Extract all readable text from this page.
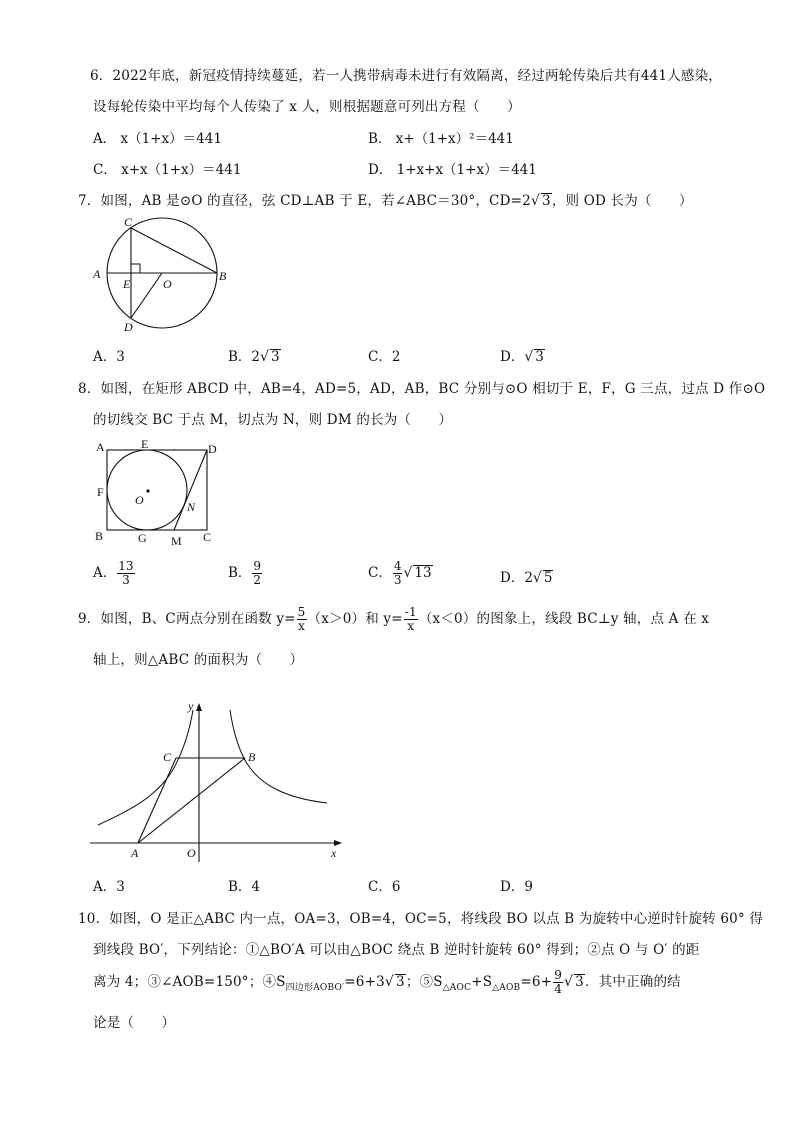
6．2022年底，新冠疫情持续蔓延，若一人携带病毒未进行有效隔离，经过两轮传染后共有441人感染，
设每轮传染中平均每个人传染了 x 人，则根据题意可列出方程（　　）
A． x（1+x）＝441	B． x+（1+x）²＝441
C． x+x（1+x）＝441	D． 1+x+x（1+x）＝441
7．如图，AB 是⊙O 的直径，弦 CD⊥AB 于 E，若∠ABC＝30°，CD=2√ 3，则 OD 长为（　　）
C
A
E	O
B
D
A．3	B．2√ 3	C．2	D．√ 3
8．如图，在矩形 ABCD 中，AB=4，AD=5，AD，AB，BC 分别与⊙O 相切于 E，F，G 三点，过点 D 作⊙O
的切线交 BC 于点 M，切点为 N，则 DM 的长为（　　）
A	E	D
F
O	N
B	G M C
A． $\frac{13}{3}$	B． $\frac{9}{2}$	C． $\frac{4}{3}$ √ 13	D．2√ 5
9．如图，B、C两点分别在函数 $y= \frac{5}{x} (x>0)$和 $y= \frac{-1}{x} (x<0)$的图象上，线段 BC⊥y 轴，点 A 在 x
轴上，则△ABC 的面积为（　　）
y
C	B
A	O	x
A．3	B．4	C．6	D．9
10．如图，O 是正△ABC 内一点，OA=3，OB=4，OC=5，将线段 BO 以点 B 为旋转中心逆时针旋转 60° 得
到线段 BO′，下列结论：①△BO′A 可以由△BOC 绕点 B 逆时针旋转 60° 得到；②点 O 与 O′ 的距
离为 4；③∠AOB=150°；$④S_{四边形AOBO'}=6+3√$ 3；$⑤S_{\triangle AOC}+S_{\triangle AOB}=6+ \frac{9}{4}$ √ 3．其中正确的结
论是（　　）
